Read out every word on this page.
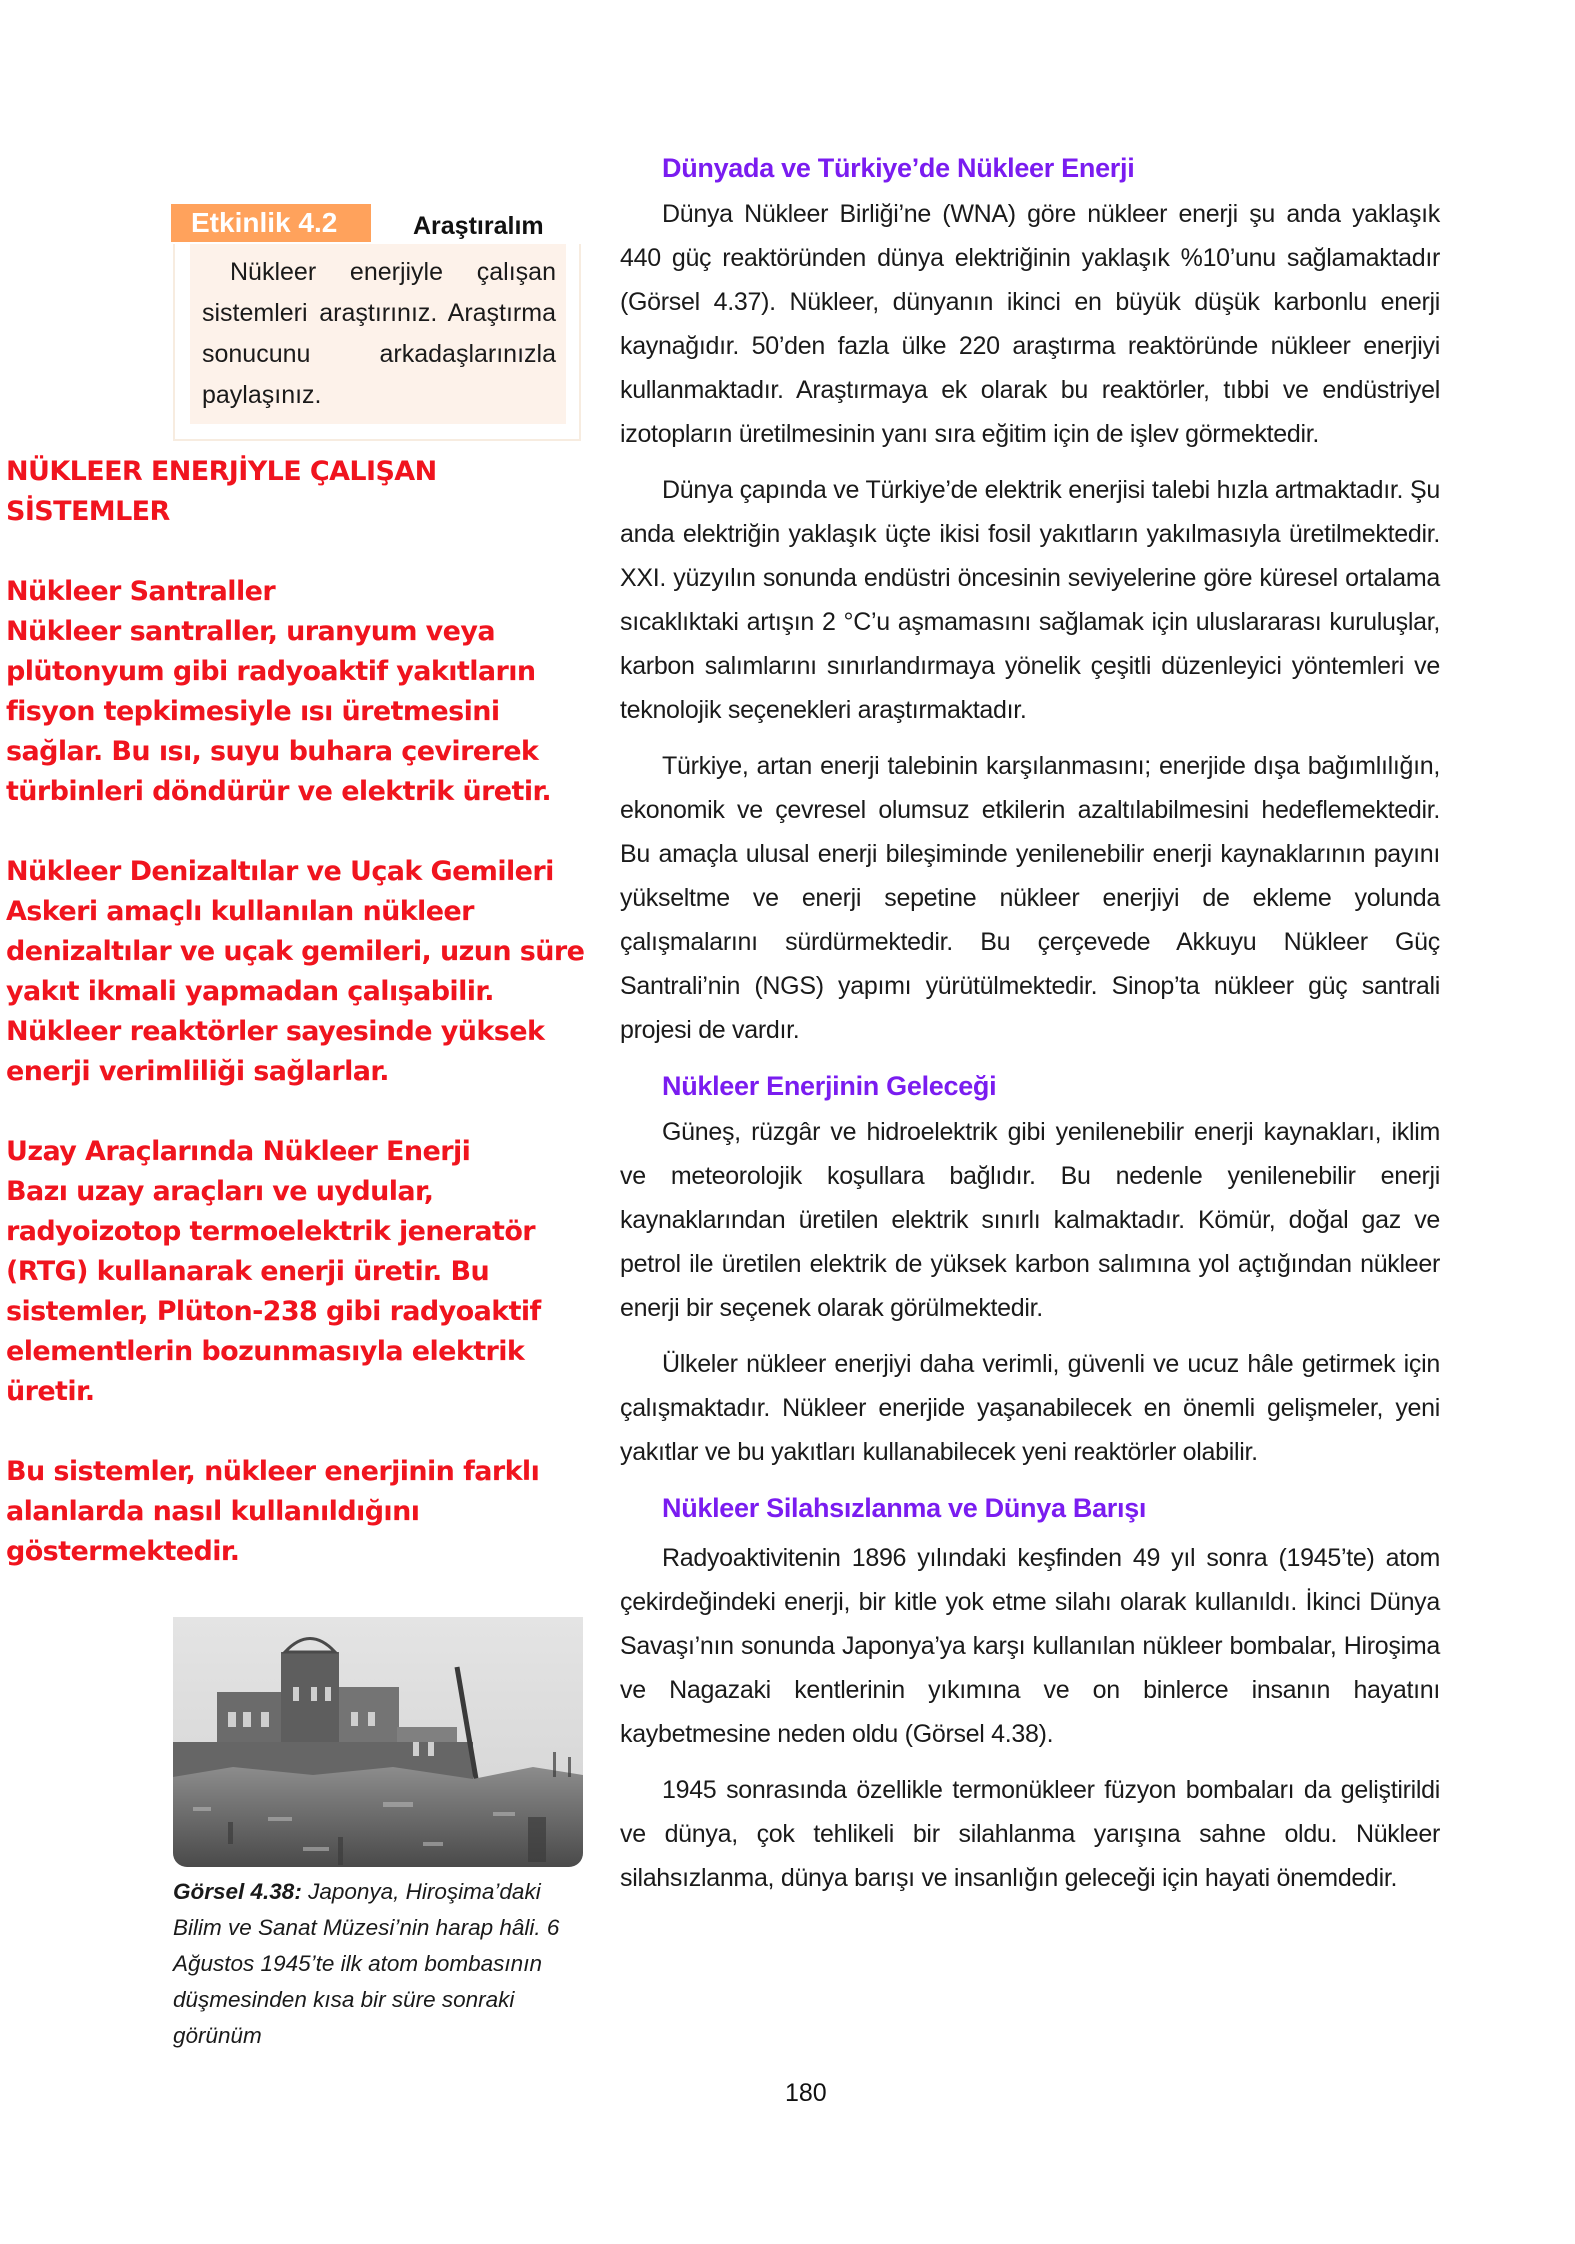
Nükleer enerjiyle çalışan sistemleri araştırınız. Araştırma sonucunu arkadaşlarınızla paylaşınız.
Etkinlik 4.2	Araştıralım

NÜKLEER ENERJİYLE ÇALIŞAN

SİSTEMLER

Nükleer Santraller

Nükleer santraller, uranyum veya plütonyum gibi radyoaktif yakıtların fisyon tepkimesiyle ısı üretmesini sağlar. Bu ısı, suyu buhara çevirerek türbinleri döndürür ve elektrik üretir.

Nükleer Denizaltılar ve Uçak Gemileri

Askeri amaçlı kullanılan nükleer denizaltılar ve uçak gemileri, uzun süre yakıt ikmali yapmadan çalışabilir. Nükleer reaktörler sayesinde yüksek enerji verimliliği sağlarlar.

Uzay Araçlarında Nükleer Enerji

Bazı uzay araçları ve uydular, radyoizotop termoelektrik jeneratör (RTG) kullanarak enerji üretir. Bu sistemler, Plüton-238 gibi radyoaktif elementlerin bozunmasıyla elektrik üretir.

Bu sistemler, nükleer enerjinin farklı alanlarda nasıl kullanıldığını göstermektedir.

Görsel 4.38: Japonya, Hiroşima’daki Bilim ve Sanat Müzesi’nin harap hâli. 6 Ağustos 1945’te ilk atom bombasının düşmesinden kısa bir süre sonraki görünüm
Dünyada ve Türkiye’de Nükleer Enerji

Dünya Nükleer Birliği’ne (WNA) göre nükleer enerji şu anda yaklaşık 440 güç reaktöründen dünya elektriğinin yaklaşık %10’unu sağlamaktadır (Görsel 4.37). Nükleer, dünyanın ikinci en büyük düşük karbonlu enerji kaynağıdır. 50’den fazla ülke 220 araştırma reaktöründe nükleer enerjiyi kullanmaktadır. Araştırmaya ek olarak bu reaktörler, tıbbi ve endüstriyel izotopların üretilmesinin yanı sıra eğitim için de işlev görmektedir.

Dünya çapında ve Türkiye’de elektrik enerjisi talebi hızla artmaktadır. Şu anda elektriğin yaklaşık üçte ikisi fosil yakıtların yakılmasıyla üretilmektedir. XXI. yüzyılın sonunda endüstri öncesinin seviyelerine göre küresel ortalama sıcaklıktaki artışın 2 °C’u aşmamasını sağlamak için uluslararası kuruluşlar, karbon salımlarını sınırlandırmaya yönelik çeşitli düzenleyici yöntemleri ve teknolojik seçenekleri araştırmaktadır.

Türkiye, artan enerji talebinin karşılanmasını; enerjide dışa bağımlılığın, ekonomik ve çevresel olumsuz etkilerin azaltılabilmesini hedeflemektedir. Bu amaçla ulusal enerji bileşiminde yenilenebilir enerji kaynaklarının payını yükseltme ve enerji sepetine nükleer enerjiyi de ekleme yolunda çalışmalarını sürdürmektedir. Bu çerçevede Akkuyu Nükleer Güç Santrali’nin (NGS) yapımı yürütülmektedir. Sinop’ta nükleer güç santrali projesi de vardır.

Nükleer Enerjinin Geleceği

Güneş, rüzgâr ve hidroelektrik gibi yenilenebilir enerji kaynakları, iklim ve meteorolojik koşullara bağlıdır. Bu nedenle yenilenebilir enerji kaynaklarından üretilen elektrik sınırlı kalmaktadır. Kömür, doğal gaz ve petrol ile üretilen elektrik de yüksek karbon salımına yol açtığından nükleer enerji bir seçenek olarak görülmektedir.

Ülkeler nükleer enerjiyi daha verimli, güvenli ve ucuz hâle getirmek için çalışmaktadır. Nükleer enerjide yaşanabilecek en önemli gelişmeler, yeni yakıtlar ve bu yakıtları kullanabilecek yeni reaktörler olabilir.

Nükleer Silahsızlanma ve Dünya Barışı

Radyoaktivitenin 1896 yılındaki keşfinden 49 yıl sonra (1945’te) atom çekirdeğindeki enerji, bir kitle yok etme silahı olarak kullanıldı. İkinci Dünya Savaşı’nın sonunda Japonya’ya karşı kullanılan nükleer bombalar, Hiroşima ve Nagazaki kentlerinin yıkımına ve on binlerce insanın hayatını kaybetmesine neden oldu (Görsel 4.38).

1945 sonrasında özellikle termonükleer füzyon bombaları da geliştirildi ve dünya, çok tehlikeli bir silahlanma yarışına sahne oldu. Nükleer silahsızlanma, dünya barışı ve insanlığın geleceği için hayati önemdedir.

180
